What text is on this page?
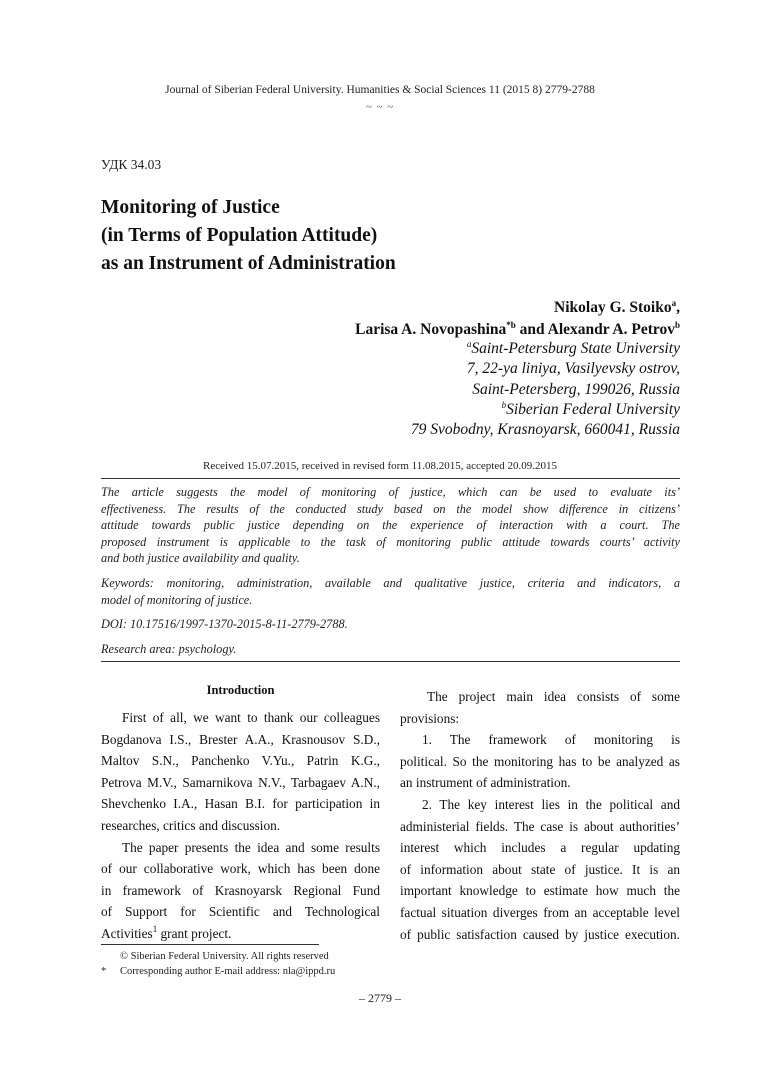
Journal of Siberian Federal University. Humanities & Social Sciences 11 (2015 8) 2779-2788
~ ~ ~
УДК 34.03
Monitoring of Justice
(in Terms of Population Attitude)
as an Instrument of Administration
Nikolay G. Stoiko$^a$,
Larisa A. Novopashina$^{*b}$ and Alexandr A. Petrov$^b$
$^a$Saint-Petersburg State University
7, 22-ya liniya, Vasilyevsky ostrov,
Saint-Petersberg, 199026, Russia
$^b$Siberian Federal University
79 Svobodny, Krasnoyarsk, 660041, Russia
Received 15.07.2015, received in revised form 11.08.2015, accepted 20.09.2015
The article suggests the model of monitoring of justice, which can be used to evaluate its’
effectiveness. The results of the conducted study based on the model show difference in citizens’
attitude towards public justice depending on the experience of interaction with a court. The
proposed instrument is applicable to the task of monitoring public attitude towards courts’ activity
and both justice availability and quality.
Keywords: monitoring, administration, available and qualitative justice, criteria and indicators, a
model of monitoring of justice.
DOI: 10.17516/1997-1370-2015-8-11-2779-2788.
Research area: psychology.
Introduction

First of all, we want to thank our colleagues

Bogdanova I.S., Brester A.A., Krasnousov S.D.,

Maltov S.N., Panchenko V.Yu., Patrin K.G.,

Petrova M.V., Samarnikova N.V., Tarbagaev A.N.,

Shevchenko I.A., Hasan B.I. for participation in

researches, critics and discussion.

The paper presents the idea and some results

of our collaborative work, which has been done

in framework of Krasnoyarsk Regional Fund

of Support for Scientific and Technological

Activities$^1$ grant project.

The project main idea consists of some

provisions:

1. The framework of monitoring is

political. So the monitoring has to be analyzed as

an instrument of administration.

2. The key interest lies in the political and

administerial fields. The case is about authorities’

interest which includes a regular updating

of information about state of justice. It is an

important knowledge to estimate how much the

factual situation diverges from an acceptable level

of public satisfaction caused by justice execution.

© Siberian Federal University. All rights reserved
* Corresponding author E-mail address: nla@ippd.ru
– 2779 –
